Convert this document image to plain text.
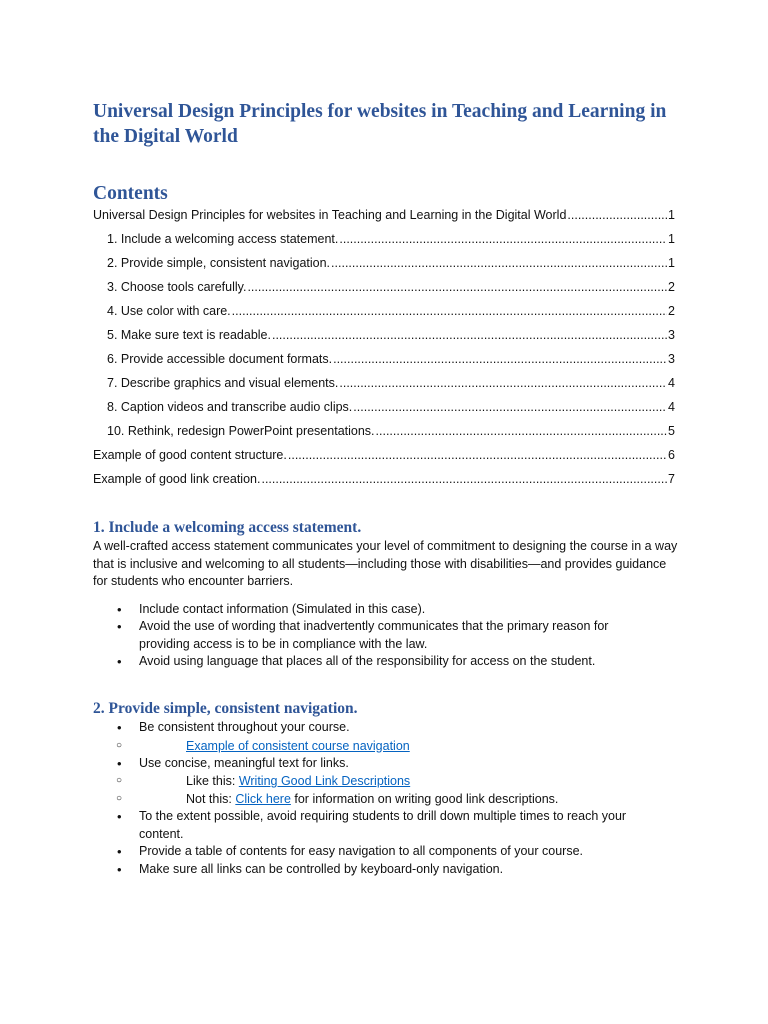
Universal Design Principles for websites in Teaching and Learning in the Digital World
Contents
Universal Design Principles for websites in Teaching and Learning in the Digital World .....	1
1. Include a welcoming access statement. .....	1
2. Provide simple, consistent navigation. .....	1
3. Choose tools carefully. .....	2
4. Use color with care. .....	2
5. Make sure text is readable. .....	3
6. Provide accessible document formats. .....	3
7. Describe graphics and visual elements. .....	4
8. Caption videos and transcribe audio clips. .....	4
10. Rethink, redesign PowerPoint presentations. .....	5
Example of good content structure. .....	6
Example of good link creation. .....	7
1. Include a welcoming access statement.

A well-crafted access statement communicates your level of commitment to designing the course in a way that is inclusive and welcoming to all students—including those with disabilities—and provides guidance for students who encounter barriers.

• Include contact information (Simulated in this case).
• Avoid the use of wording that inadvertently communicates that the primary reason for providing access is to be in compliance with the law.
• Avoid using language that places all of the responsibility for access on the student.
2. Provide simple, consistent navigation.
• Be consistent throughout your course.
○ Example of consistent course navigation
• Use concise, meaningful text for links.
○ Like this: Writing Good Link Descriptions
○ Not this: Click here for information on writing good link descriptions.
• To the extent possible, avoid requiring students to drill down multiple times to reach your content.
• Provide a table of contents for easy navigation to all components of your course.
• Make sure all links can be controlled by keyboard-only navigation.
